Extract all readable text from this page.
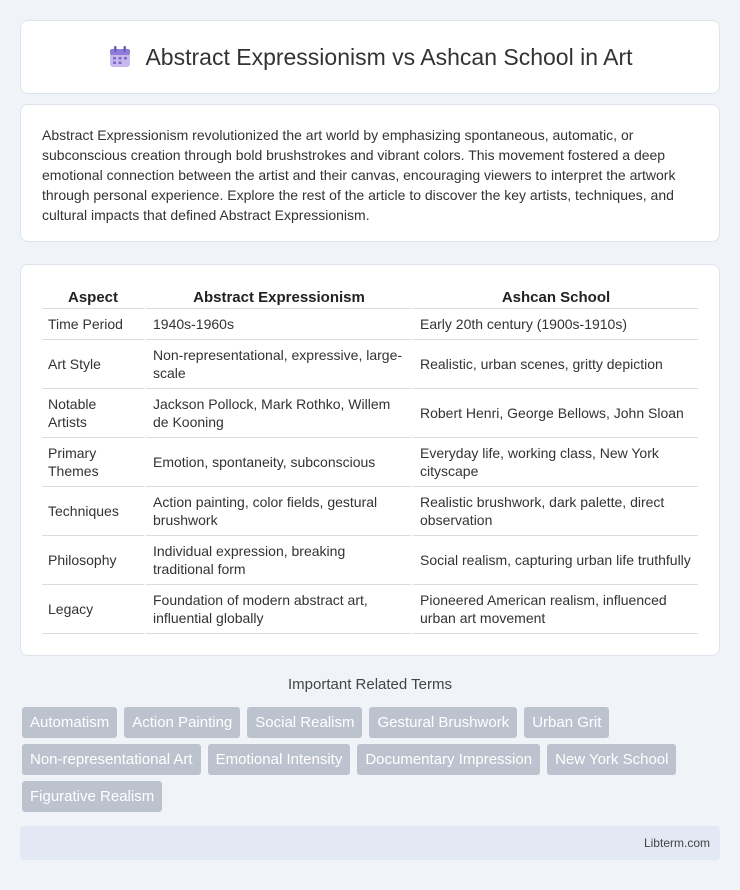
Abstract Expressionism vs Ashcan School in Art

Abstract Expressionism revolutionized the art world by emphasizing spontaneous, automatic, or subconscious creation through bold brushstrokes and vibrant colors. This movement fostered a deep emotional connection between the artist and their canvas, encouraging viewers to interpret the artwork through personal experience. Explore the rest of the article to discover the key artists, techniques, and cultural impacts that defined Abstract Expressionism.

Aspect	Abstract Expressionism	Ashcan School
Time Period	1940s-1960s	Early 20th century (1900s-1910s)
Art Style	Non-representational, expressive, large-scale	Realistic, urban scenes, gritty depiction
Notable Artists	Jackson Pollock, Mark Rothko, Willem de Kooning	Robert Henri, George Bellows, John Sloan
Primary Themes	Emotion, spontaneity, subconscious	Everyday life, working class, New York cityscape
Techniques	Action painting, color fields, gestural brushwork	Realistic brushwork, dark palette, direct observation
Philosophy	Individual expression, breaking traditional form	Social realism, capturing urban life truthfully
Legacy	Foundation of modern abstract art, influential globally	Pioneered American realism, influenced urban art movement
Important Related Terms
Automatism	Action Painting	Social Realism	Gestural Brushwork	Urban Grit
Non-representational Art	Emotional Intensity	Documentary Impression	New York School
Figurative Realism
Libterm.com
